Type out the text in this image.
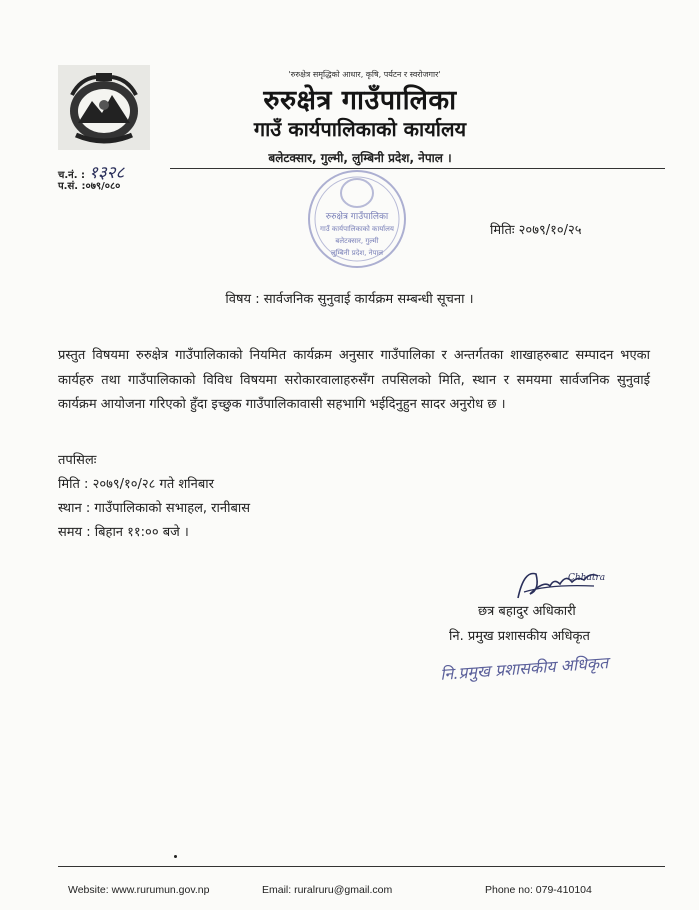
'रुरुक्षेत्र समृद्धिको आधार, कृषि, पर्यटन र स्वरोजगार'
रुरुक्षेत्र गाउँपालिका
गाउँ कार्यपालिकाको कार्यालय
बलेटक्सार, गुल्मी, लुम्बिनी प्रदेश, नेपाल ।
च.नं. : १३२८
प.सं. :०७९/०८०
रुरुक्षेत्र गाउँपालिका
गाउँ कार्यपालिकाको कार्यालय
बलेटक्सार, गुल्मी
लुम्बिनी प्रदेश, नेपाल
मितिः २०७९/१०/२५
विषय : सार्वजनिक सुनुवाई कार्यक्रम सम्बन्धी सूचना ।
प्रस्तुत विषयमा रुरुक्षेत्र गाउँपालिकाको नियमित कार्यक्रम अनुसार गाउँपालिका र अन्तर्गतका शाखाहरुबाट सम्पादन भएका कार्यहरु तथा गाउँपालिकाको विविध विषयमा सरोकारवालाहरुसँग तपसिलको मिति, स्थान र समयमा सार्वजनिक सुनुवाई कार्यक्रम आयोजना गरिएको हुँदा इच्छुक गाउँपालिकावासी सहभागि भईदिनुहुन सादर अनुरोध छ ।
तपसिलः
मिति : २०७९/१०/२८ गते शनिबार
स्थान : गाउँपालिकाको सभाहल, रानीबास
समय : बिहान ११:०० बजे ।
Chhatra
छत्र बहादुर अधिकारी
नि. प्रमुख प्रशासकीय अधिकृत
नि.प्रमुख प्रशासकीय अधिकृत
Website: www.rurumun.gov.np	Email: ruralruru@gmail.com	Phone no: 079-410104
